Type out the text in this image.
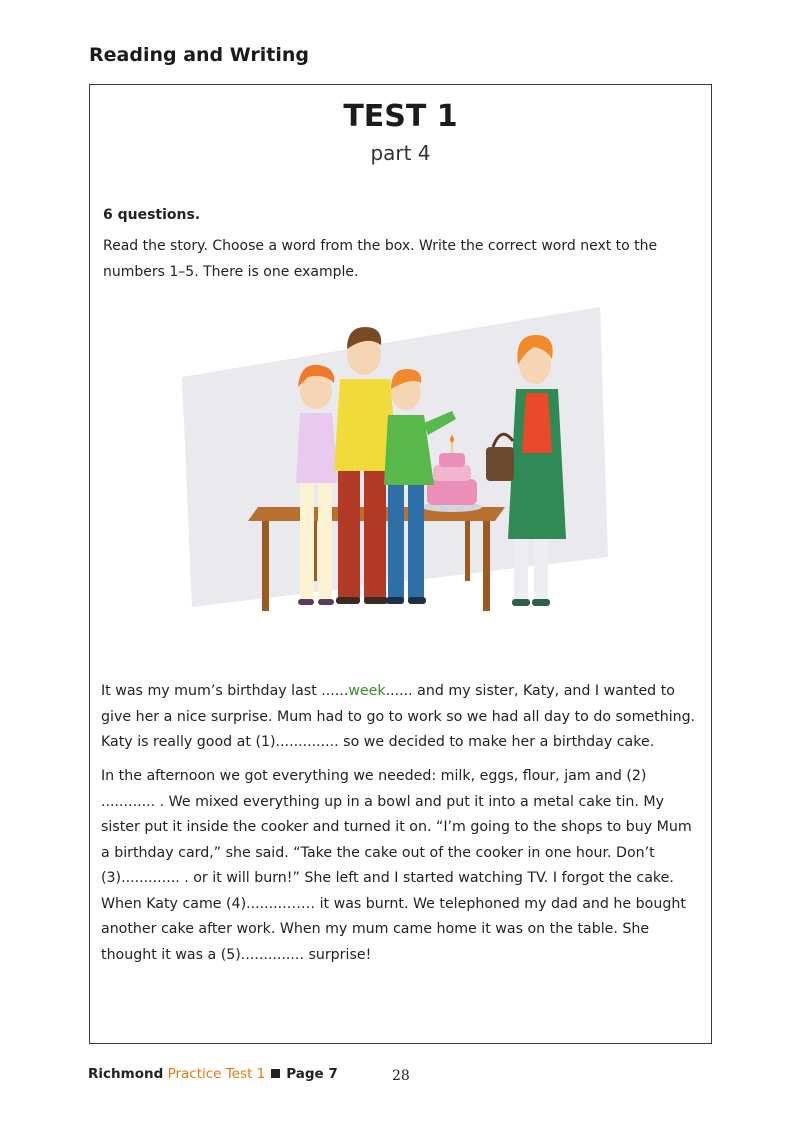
Reading and Writing
TEST 1
part 4
6 questions.
Read the story. Choose a word from the box. Write the correct word next to the numbers 1–5. There is one example.

It was my mum’s birthday last ......week...... and my sister, Katy, and I wanted to give her a nice surprise. Mum had to go to work so we had all day to do something. Katy is really good at (1).............. so we decided to make her a birthday cake.

In the afternoon we got everything we needed: milk, eggs, flour, jam and (2) ............ . We mixed everything up in a bowl and put it into a metal cake tin. My sister put it inside the cooker and turned it on. “I’m going to the shops to buy Mum a birthday card,” she said. “Take the cake out of the cooker in one hour. Don’t (3)............. . or it will burn!” She left and I started watching TV. I forgot the cake. When Katy came (4).........…… it was burnt. We telephoned my dad and he bought another cake after work. When my mum came home it was on the table. She thought it was a (5).............. surprise!

Richmond Practice Test 1 Page 7	28
